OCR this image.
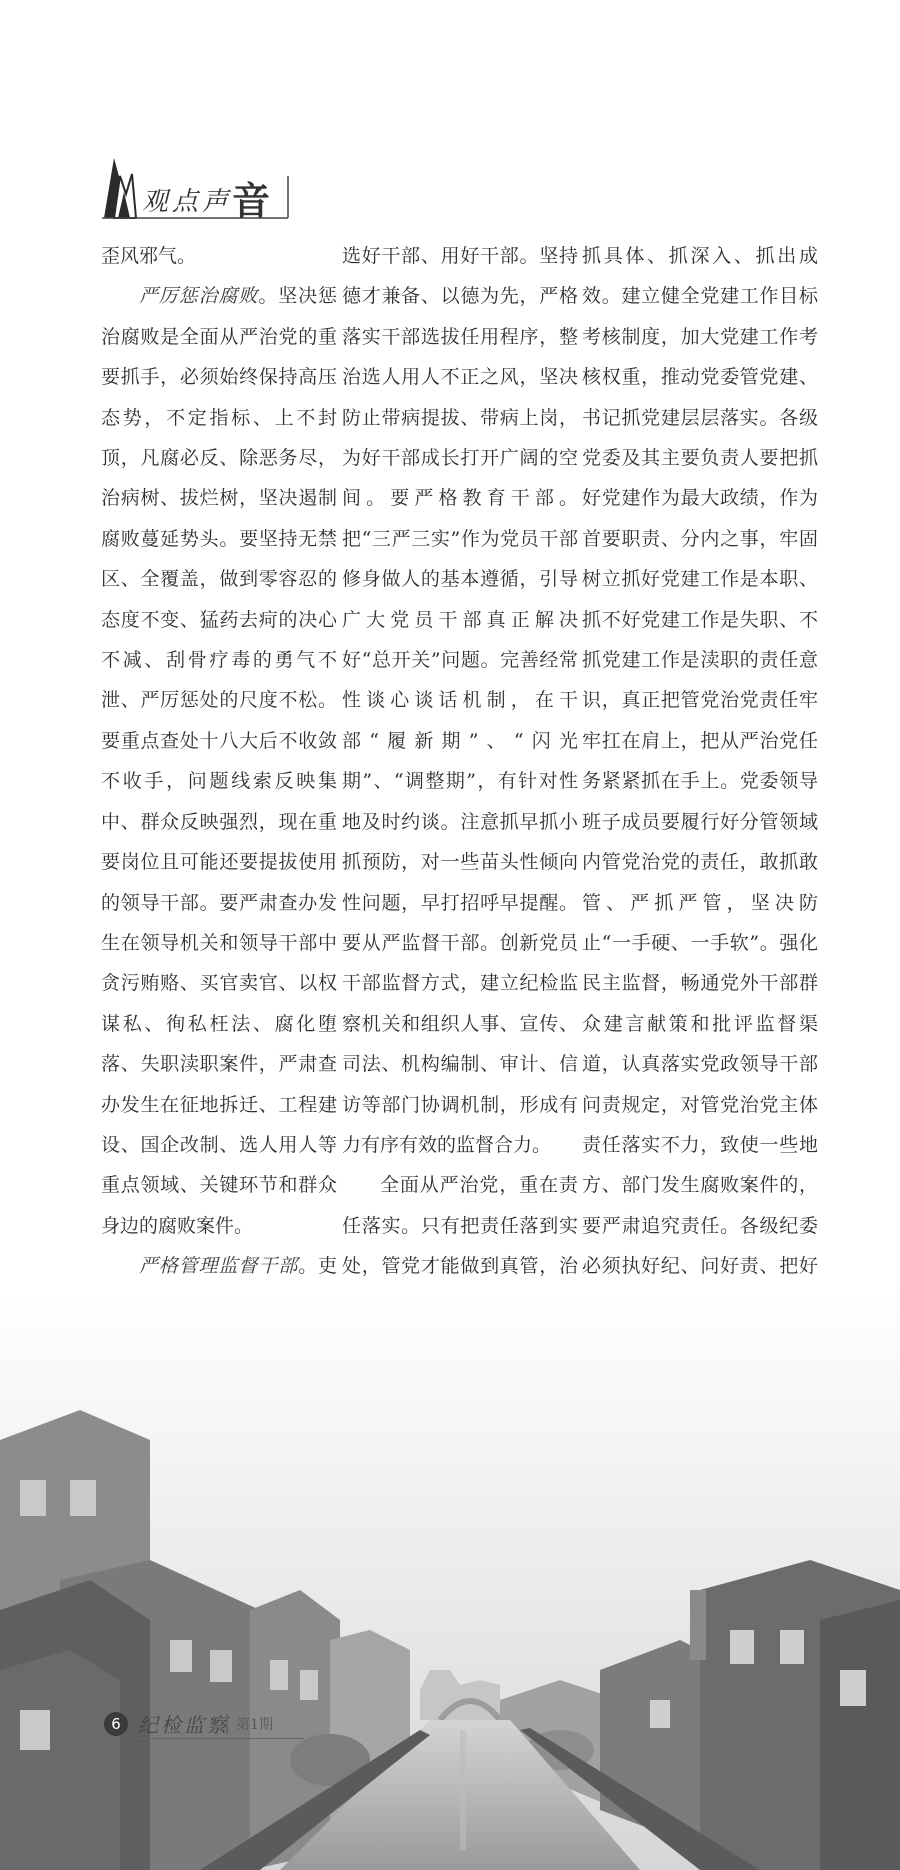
观点声音

歪风邪气。

严厉惩治腐败。坚决惩治腐败是全面从严治党的重要抓手，必须始终保持高压态势，不定指标、上不封顶，凡腐必反、除恶务尽，治病树、拔烂树，坚决遏制腐败蔓延势头。要坚持无禁区、全覆盖，做到零容忍的态度不变、猛药去疴的决心不减、刮骨疗毒的勇气不泄、严厉惩处的尺度不松。要重点查处十八大后不收敛不收手，问题线索反映集中、群众反映强烈，现在重要岗位且可能还要提拔使用的领导干部。要严肃查办发生在领导机关和领导干部中贪污贿赂、买官卖官、以权谋私、徇私枉法、腐化堕落、失职渎职案件，严肃查办发生在征地拆迁、工程建设、国企改制、选人用人等重点领域、关键环节和群众身边的腐败案件。

严格管理监督干部。吏

选好干部、用好干部。坚持德才兼备、以德为先，严格落实干部选拔任用程序，整治选人用人不正之风，坚决防止带病提拔、带病上岗，为好干部成长打开广阔的空间。要严格教育干部。把“三严三实”作为党员干部修身做人的基本遵循，引导广大党员干部真正解决好“总开关”问题。完善经常性谈心谈话机制，在干部“履新期”、“闪光期”、“调整期”，有针对性地及时约谈。注意抓早抓小抓预防，对一些苗头性倾向性问题，早打招呼早提醒。要从严监督干部。创新党员干部监督方式，建立纪检监察机关和组织人事、宣传、司法、机构编制、审计、信访等部门协调机制，形成有力有序有效的监督合力。

全面从严治党，重在责任落实。只有把责任落到实处，管党才能做到真管，治

抓具体、抓深入、抓出成效。建立健全党建工作目标考核制度，加大党建工作考核权重，推动党委管党建、书记抓党建层层落实。各级党委及其主要负责人要把抓好党建作为最大政绩，作为首要职责、分内之事，牢固树立抓好党建工作是本职、抓不好党建工作是失职、不抓党建工作是渎职的责任意识，真正把管党治党责任牢牢扛在肩上，把从严治党任务紧紧抓在手上。党委领导班子成员要履行好分管领域内管党治党的责任，敢抓敢管、严抓严管，坚决防止“一手硬、一手软”。强化民主监督，畅通党外干部群众建言献策和批评监督渠道，认真落实党政领导干部问责规定，对管党治党主体责任落实不力，致使一些地方、部门发生腐败案件的，要严肃追究责任。各级纪委必须执好纪、问好责、把好

6 纪检监察 第1期
